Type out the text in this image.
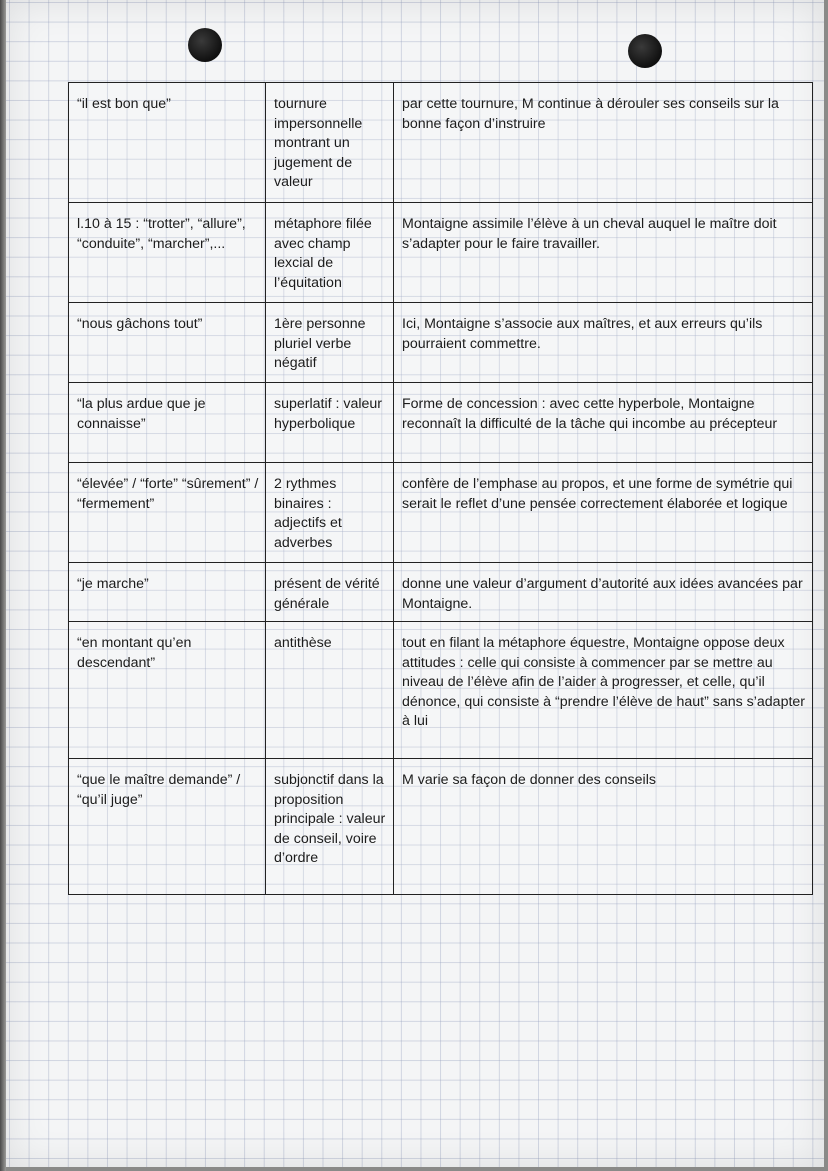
“il est bon que”	tournure impersonnelle montrant un jugement de valeur	par cette tournure, M continue à dérouler ses conseils sur la bonne façon d’instruire
l.10 à 15 : “trotter”, “allure”, “conduite”, “marcher”,...	métaphore filée avec champ lexcial de l’équitation	Montaigne assimile l’élève à un cheval auquel le maître doit s’adapter pour le faire travailler.
“nous gâchons tout”	1ère personne pluriel verbe négatif	Ici, Montaigne s’associe aux maîtres, et aux erreurs qu’ils pourraient commettre.
“la plus ardue que je connaisse”	superlatif : valeur hyperbolique	Forme de concession : avec cette hyperbole, Montaigne reconnaît la difficulté de la tâche qui incombe au précepteur
“élevée” / “forte” “sûrement” / “fermement”	2 rythmes binaires : adjectifs et adverbes	confère de l’emphase au propos, et une forme de symétrie qui serait le reflet d’une pensée correctement élaborée et logique
“je marche”	présent de vérité générale	donne une valeur d’argument d’autorité aux idées avancées par Montaigne.
“en montant qu’en descendant”	antithèse	tout en filant la métaphore équestre, Montaigne oppose deux attitudes : celle qui consiste à commencer par se mettre au niveau de l’élève afin de l’aider à progresser, et celle, qu’il dénonce, qui consiste à “prendre l’élève de haut” sans s’adapter à lui
“que le maître demande” / “qu’il juge”	subjonctif dans la proposition principale : valeur de conseil, voire d’ordre	M varie sa façon de donner des conseils
